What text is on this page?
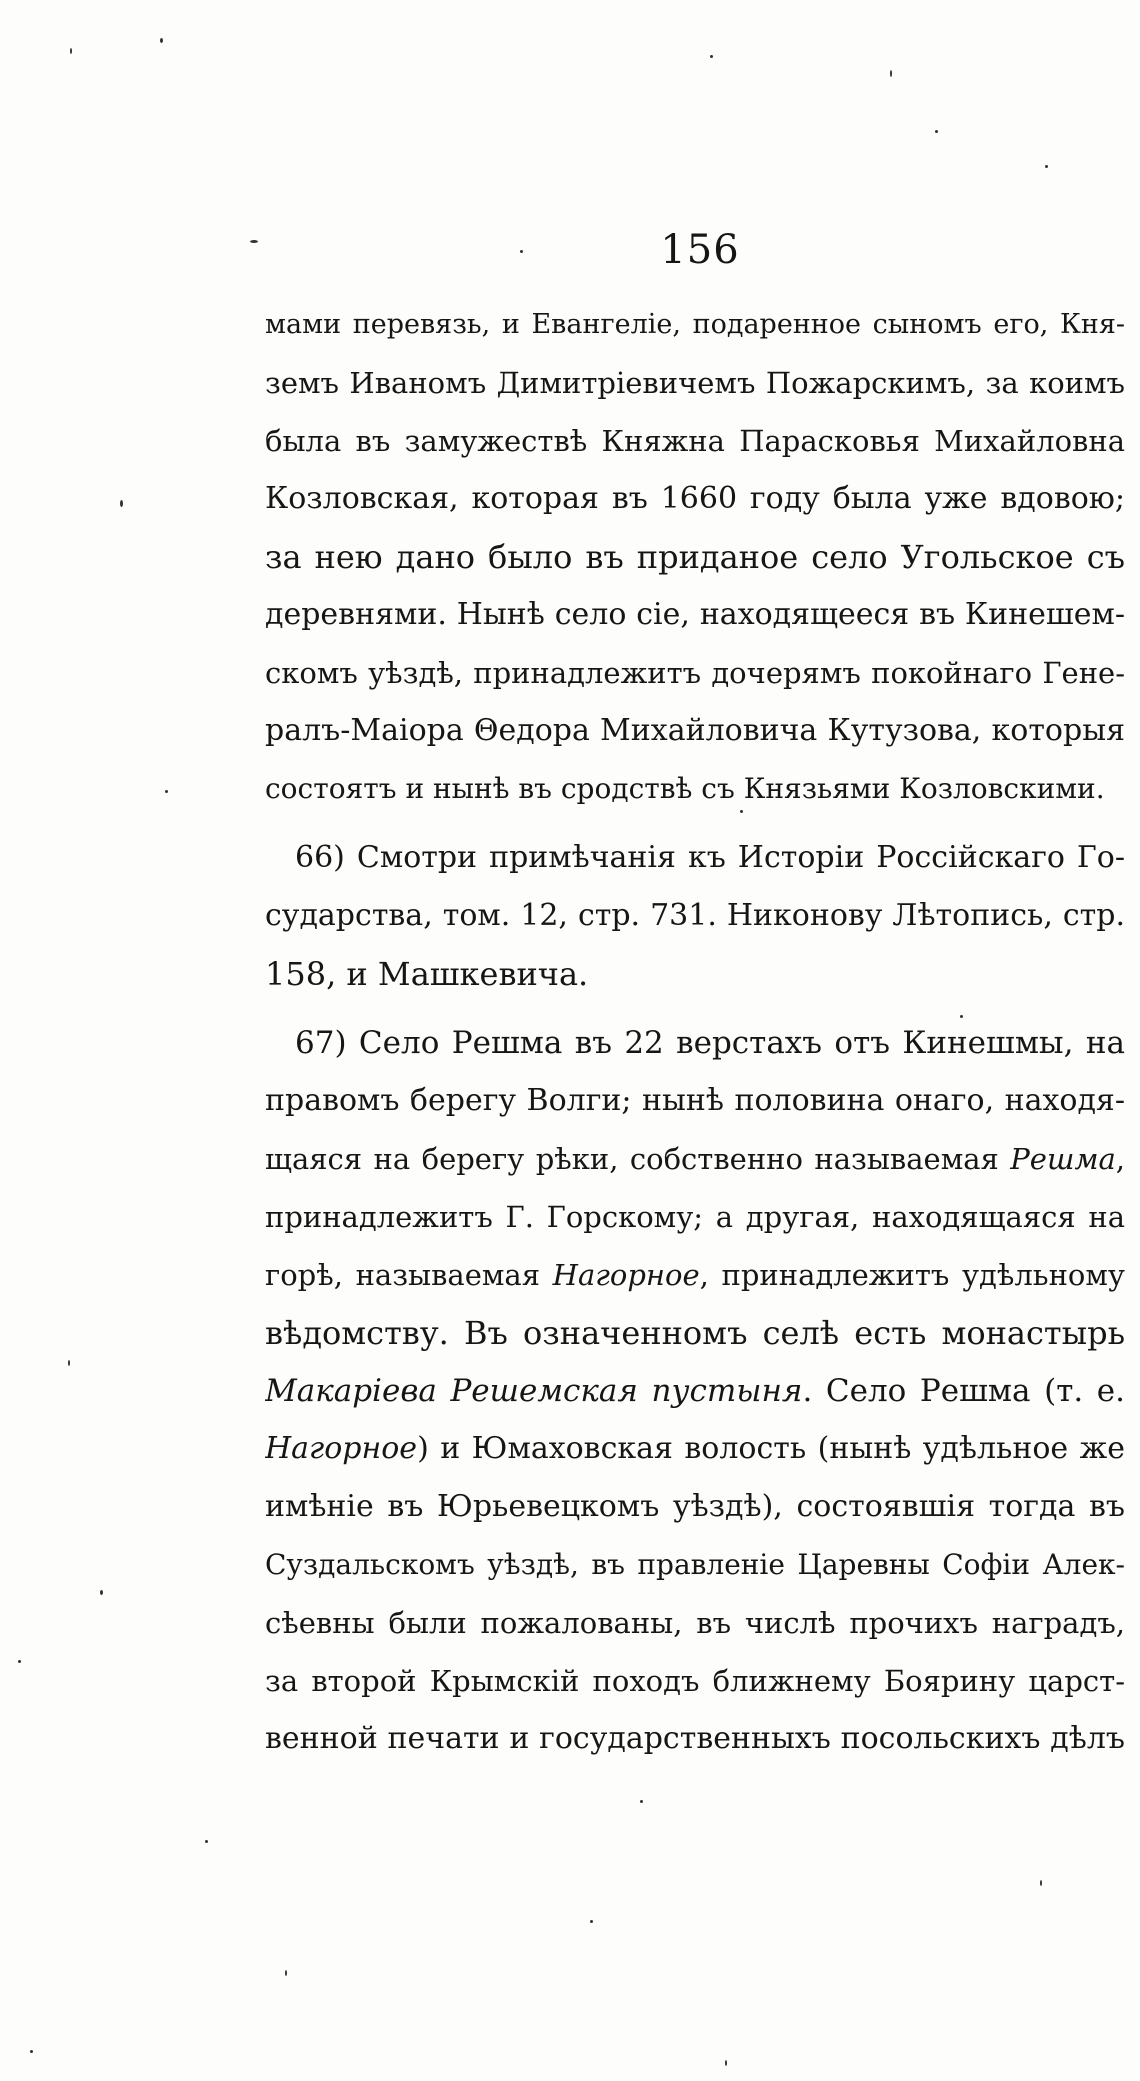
156
мами перевязь, и Евангеліе, подаренное сыномъ его, Кня-
земъ Иваномъ Димитріевичемъ Пожарскимъ, за коимъ
была въ замужествѣ Княжна Парасковья Михайловна
Козловская, которая въ 1660 году была уже вдовою;
за нею дано было въ приданое село Угольское съ
деревнями. Нынѣ село сіе, находящееся въ Кинешем-
скомъ уѣздѣ, принадлежитъ дочерямъ покойнаго Гене-
ралъ-Маіора Θедора Михайловича Кутузова, которыя
состоятъ и нынѣ въ сродствѣ съ Князьями Козловскими.
66) Смотри примѣчанія къ Исторіи Россійскаго Го-
сударства, том. 12, стр. 731. Никонову Лѣтопись, стр.
158, и Машкевича.
67) Село Решма въ 22 верстахъ отъ Кинешмы, на
правомъ берегу Волги; нынѣ половина онаго, находя-
щаяся на берегу рѣки, собственно называемая Решма,
принадлежитъ Г. Горскому; а другая, находящаяся на
горѣ, называемая Нагорное, принадлежитъ удѣльному
вѣдомству. Въ означенномъ селѣ есть монастырь
Макаріева Решемская пустыня. Село Решма (т. е.
Нагорное) и Юмаховская волость (нынѣ удѣльное же
имѣніе въ Юрьевецкомъ уѣздѣ), состоявшія тогда въ
Суздальскомъ уѣздѣ, въ правленіе Царевны Софіи Алек-
сѣевны были пожалованы, въ числѣ прочихъ наградъ,
за второй Крымскій походъ ближнему Боярину царст-
венной печати и государственныхъ посольскихъ дѣлъ
